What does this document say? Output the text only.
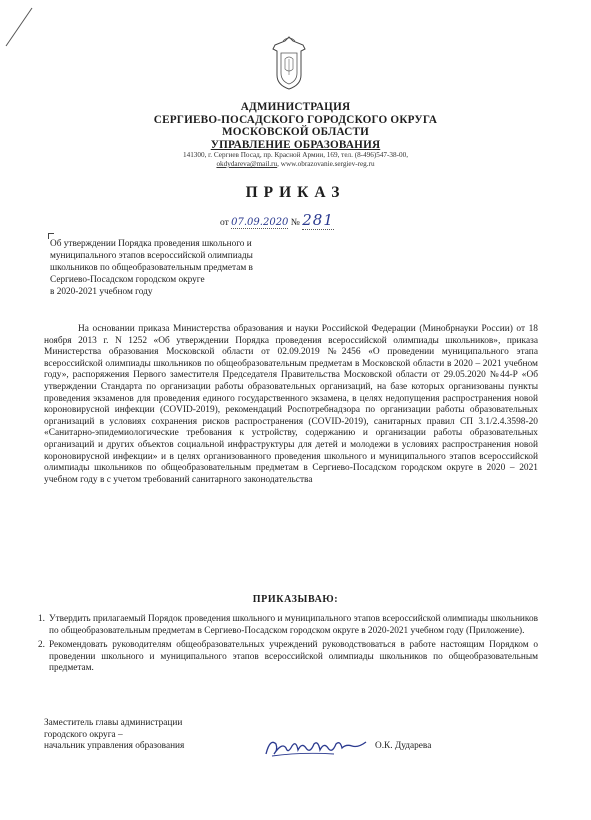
АДМИНИСТРАЦИЯ
СЕРГИЕВО-ПОСАДСКОГО ГОРОДСКОГО ОКРУГА
МОСКОВСКОЙ ОБЛАСТИ
УПРАВЛЕНИЕ ОБРАЗОВАНИЯ
141300, г. Сергиев Посад, пр. Красной Армии, 169, тел. (8-496)547-38-00,
okdydareva@mail.ru, www.obrazovanie.sergiev-reg.ru
ПРИКАЗ
от 07.09.2020 № 281
Об утверждении Порядка проведения школьного и
муниципального этапов всероссийской олимпиады
школьников по общеобразовательным предметам в
Сергиево-Посадском городском округе
в 2020-2021 учебном году
На основании приказа Министерства образования и науки Российской Федерации (Минобрнауки России) от 18 ноября 2013 г. N 1252 «Об утверждении Порядка проведения всероссийской олимпиады школьников», приказа Министерства образования Московской области от 02.09.2019 №2456 «О проведении муниципального этапа всероссийской олимпиады школьников по общеобразовательным предметам в Московской области в 2020 – 2021 учебном году», распоряжения Первого заместителя Председателя Правительства Московской области от 29.05.2020 №44-Р «Об утверждении Стандарта по организации работы образовательных организаций, на базе которых организованы пункты проведения экзаменов для проведения единого государственного экзамена, в целях недопущения распространения новой короновирусной инфекции (COVID-2019), рекомендаций Роспотребнадзора по организации работы образовательных организаций в условиях сохранения рисков распространения (COVID-2019), санитарных правил СП 3.1/2.4.3598-20 «Санитарно-эпидемиологические требования к устройству, содержанию и организации работы образовательных организаций и других объектов социальной инфраструктуры для детей и молодежи в условиях распространения новой короновирусной инфекции» и в целях организованного проведения школьного и муниципального этапов всероссийской олимпиады школьников по общеобразовательным предметам в Сергиево-Посадском городском округе в 2020 – 2021 учебном году в с учетом требований санитарного законодательства
ПРИКАЗЫВАЮ:
1. Утвердить прилагаемый Порядок проведения школьного и муниципального этапов всероссийской олимпиады школьников по общеобразовательным предметам в Сергиево-Посадском городском округе в 2020-2021 учебном году (Приложение).
2. Рекомендовать руководителям общеобразовательных учреждений руководствоваться в работе настоящим Порядком о проведении школьного и муниципального этапов всероссийской олимпиады школьников по общеобразовательным предметам.
Заместитель главы администрации
городского округа –
начальник управления образования	О.К. Дударева
